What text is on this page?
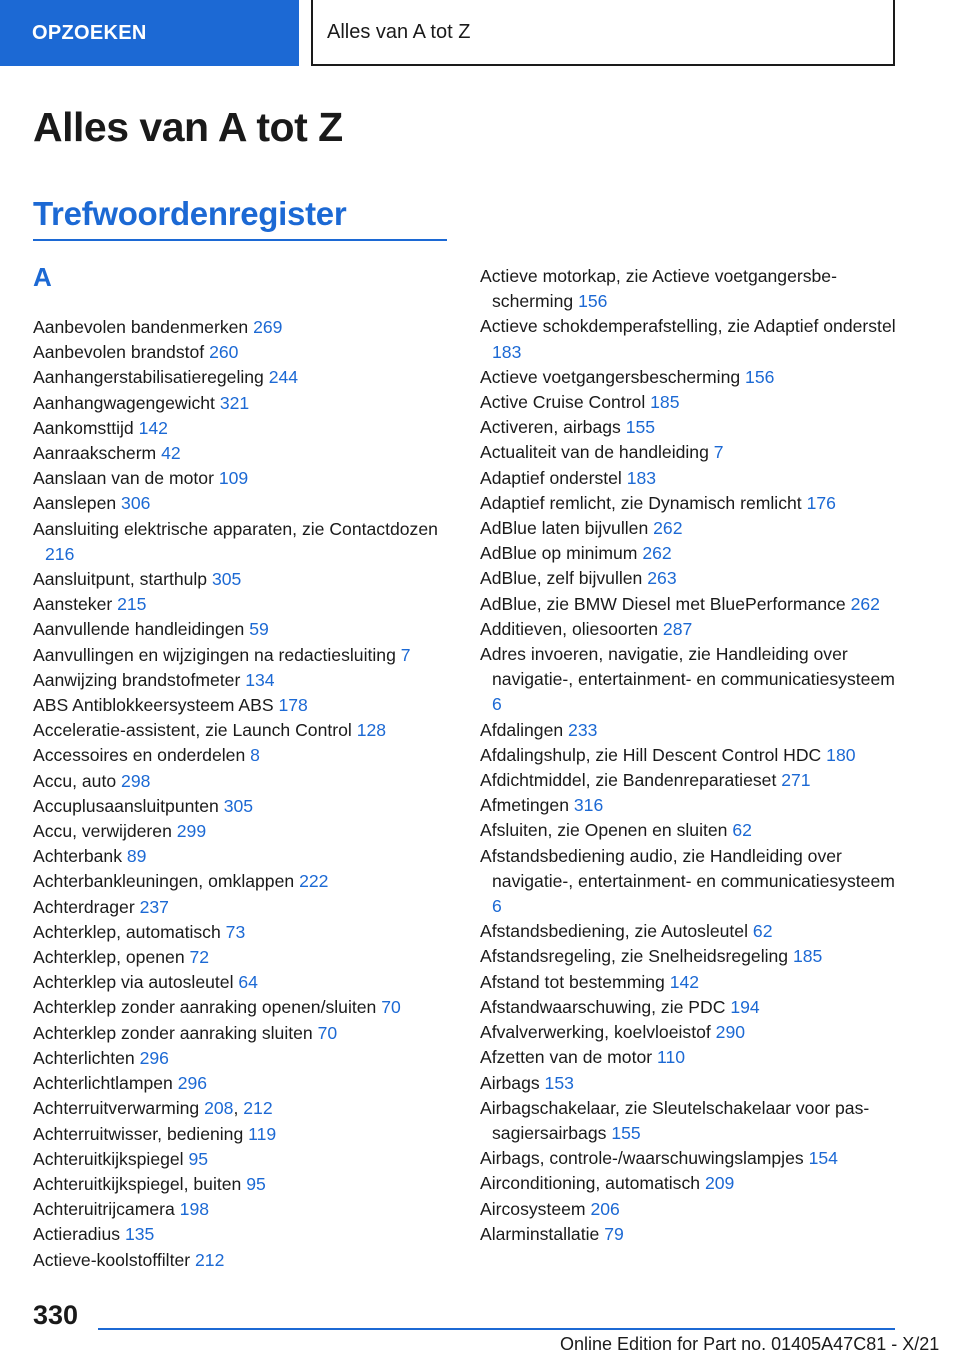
OPZOEKEN	Alles van A tot Z
Alles van A tot Z
Trefwoordenregister
A
Aanbevolen bandenmerken 269
Aanbevolen brandstof 260
Aanhangerstabilisatieregeling 244
Aanhangwagengewicht 321
Aankomsttijd 142
Aanraakscherm 42
Aanslaan van de motor 109
Aanslepen 306
Aansluiting elektrische apparaten, zie Contactdozen 216
Aansluitpunt, starthulp 305
Aansteker 215
Aanvullende handleidingen 59
Aanvullingen en wijzigingen na redactiesluiting 7
Aanwijzing brandstofmeter 134
ABS Antiblokkeersysteem ABS 178
Acceleratie-assistent, zie Launch Control 128
Accessoires en onderdelen 8
Accu, auto 298
Accuplusaansluitpunten 305
Accu, verwijderen 299
Achterbank 89
Achterbankleuningen, omklappen 222
Achterdrager 237
Achterklep, automatisch 73
Achterklep, openen 72
Achterklep via autosleutel 64
Achterklep zonder aanraking openen/sluiten 70
Achterklep zonder aanraking sluiten 70
Achterlichten 296
Achterlichtlampen 296
Achterruitverwarming 208, 212
Achterruitwisser, bediening 119
Achteruitkijkspiegel 95
Achteruitkijkspiegel, buiten 95
Achteruitrijcamera 198
Actieradius 135
Actieve-koolstoffilter 212
Actieve motorkap, zie Actieve voetgangersbescherming 156
Actieve schokdemperafstelling, zie Adaptief onderstel 183
Actieve voetgangersbescherming 156
Active Cruise Control 185
Activeren, airbags 155
Actualiteit van de handleiding 7
Adaptief onderstel 183
Adaptief remlicht, zie Dynamisch remlicht 176
AdBlue laten bijvullen 262
AdBlue op minimum 262
AdBlue, zelf bijvullen 263
AdBlue, zie BMW Diesel met BluePerformance 262
Additieven, oliesoorten 287
Adres invoeren, navigatie, zie Handleiding over navigatie-, entertainment- en communicatiesysteem 6
Afdalingen 233
Afdalingshulp, zie Hill Descent Control HDC 180
Afdichtmiddel, zie Bandenreparatieset 271
Afmetingen 316
Afsluiten, zie Openen en sluiten 62
Afstandsbediening audio, zie Handleiding over navigatie-, entertainment- en communicatiesysteem 6
Afstandsbediening, zie Autosleutel 62
Afstandsregeling, zie Snelheidsregeling 185
Afstand tot bestemming 142
Afstandwaarschuwing, zie PDC 194
Afvalverwerking, koelvloeistof 290
Afzetten van de motor 110
Airbags 153
Airbagschakelaar, zie Sleutelschakelaar voor passagiersairbags 155
Airbags, controle-/waarschuwingslampjes 154
Airconditioning, automatisch 209
Aircosysteem 206
Alarminstallatie 79
330
Online Edition for Part no. 01405A47C81 - X/21
